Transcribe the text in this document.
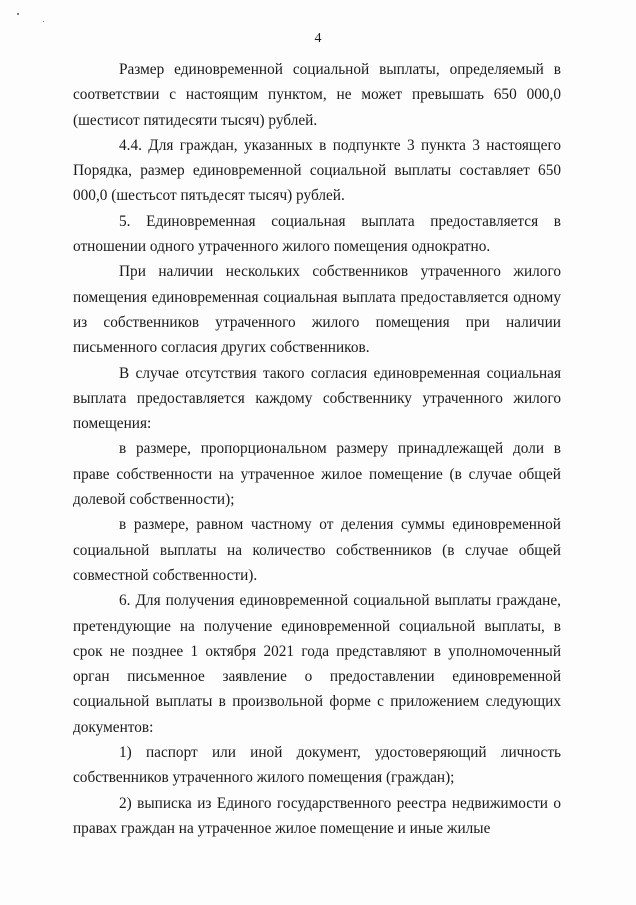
4

Размер единовременной социальной выплаты, определяемый в соответствии с настоящим пунктом, не может превышать 650 000,0 (шестисот пятидесяти тысяч) рублей.

4.4. Для граждан, указанных в подпункте 3 пункта 3 настоящего Порядка, размер единовременной социальной выплаты составляет 650 000,0 (шестьсот пятьдесят тысяч) рублей.

5. Единовременная социальная выплата предоставляется в отношении одного утраченного жилого помещения однократно.

При наличии нескольких собственников утраченного жилого помещения единовременная социальная выплата предоставляется одному из собственников утраченного жилого помещения при наличии письменного согласия других собственников.

В случае отсутствия такого согласия единовременная социальная выплата предоставляется каждому собственнику утраченного жилого помещения:

в размере, пропорциональном размеру принадлежащей доли в праве собственности на утраченное жилое помещение (в случае общей долевой собственности);

в размере, равном частному от деления суммы единовременной социальной выплаты на количество собственников (в случае общей совместной собственности).

6. Для получения единовременной социальной выплаты граждане, претендующие на получение единовременной социальной выплаты, в срок не позднее 1 октября 2021 года представляют в уполномоченный орган письменное заявление о предоставлении единовременной социальной выплаты в произвольной форме с приложением следующих документов:

1) паспорт или иной документ, удостоверяющий личность собственников утраченного жилого помещения (граждан);

2) выписка из Единого государственного реестра недвижимости о правах граждан на утраченное жилое помещение и иные жилые
